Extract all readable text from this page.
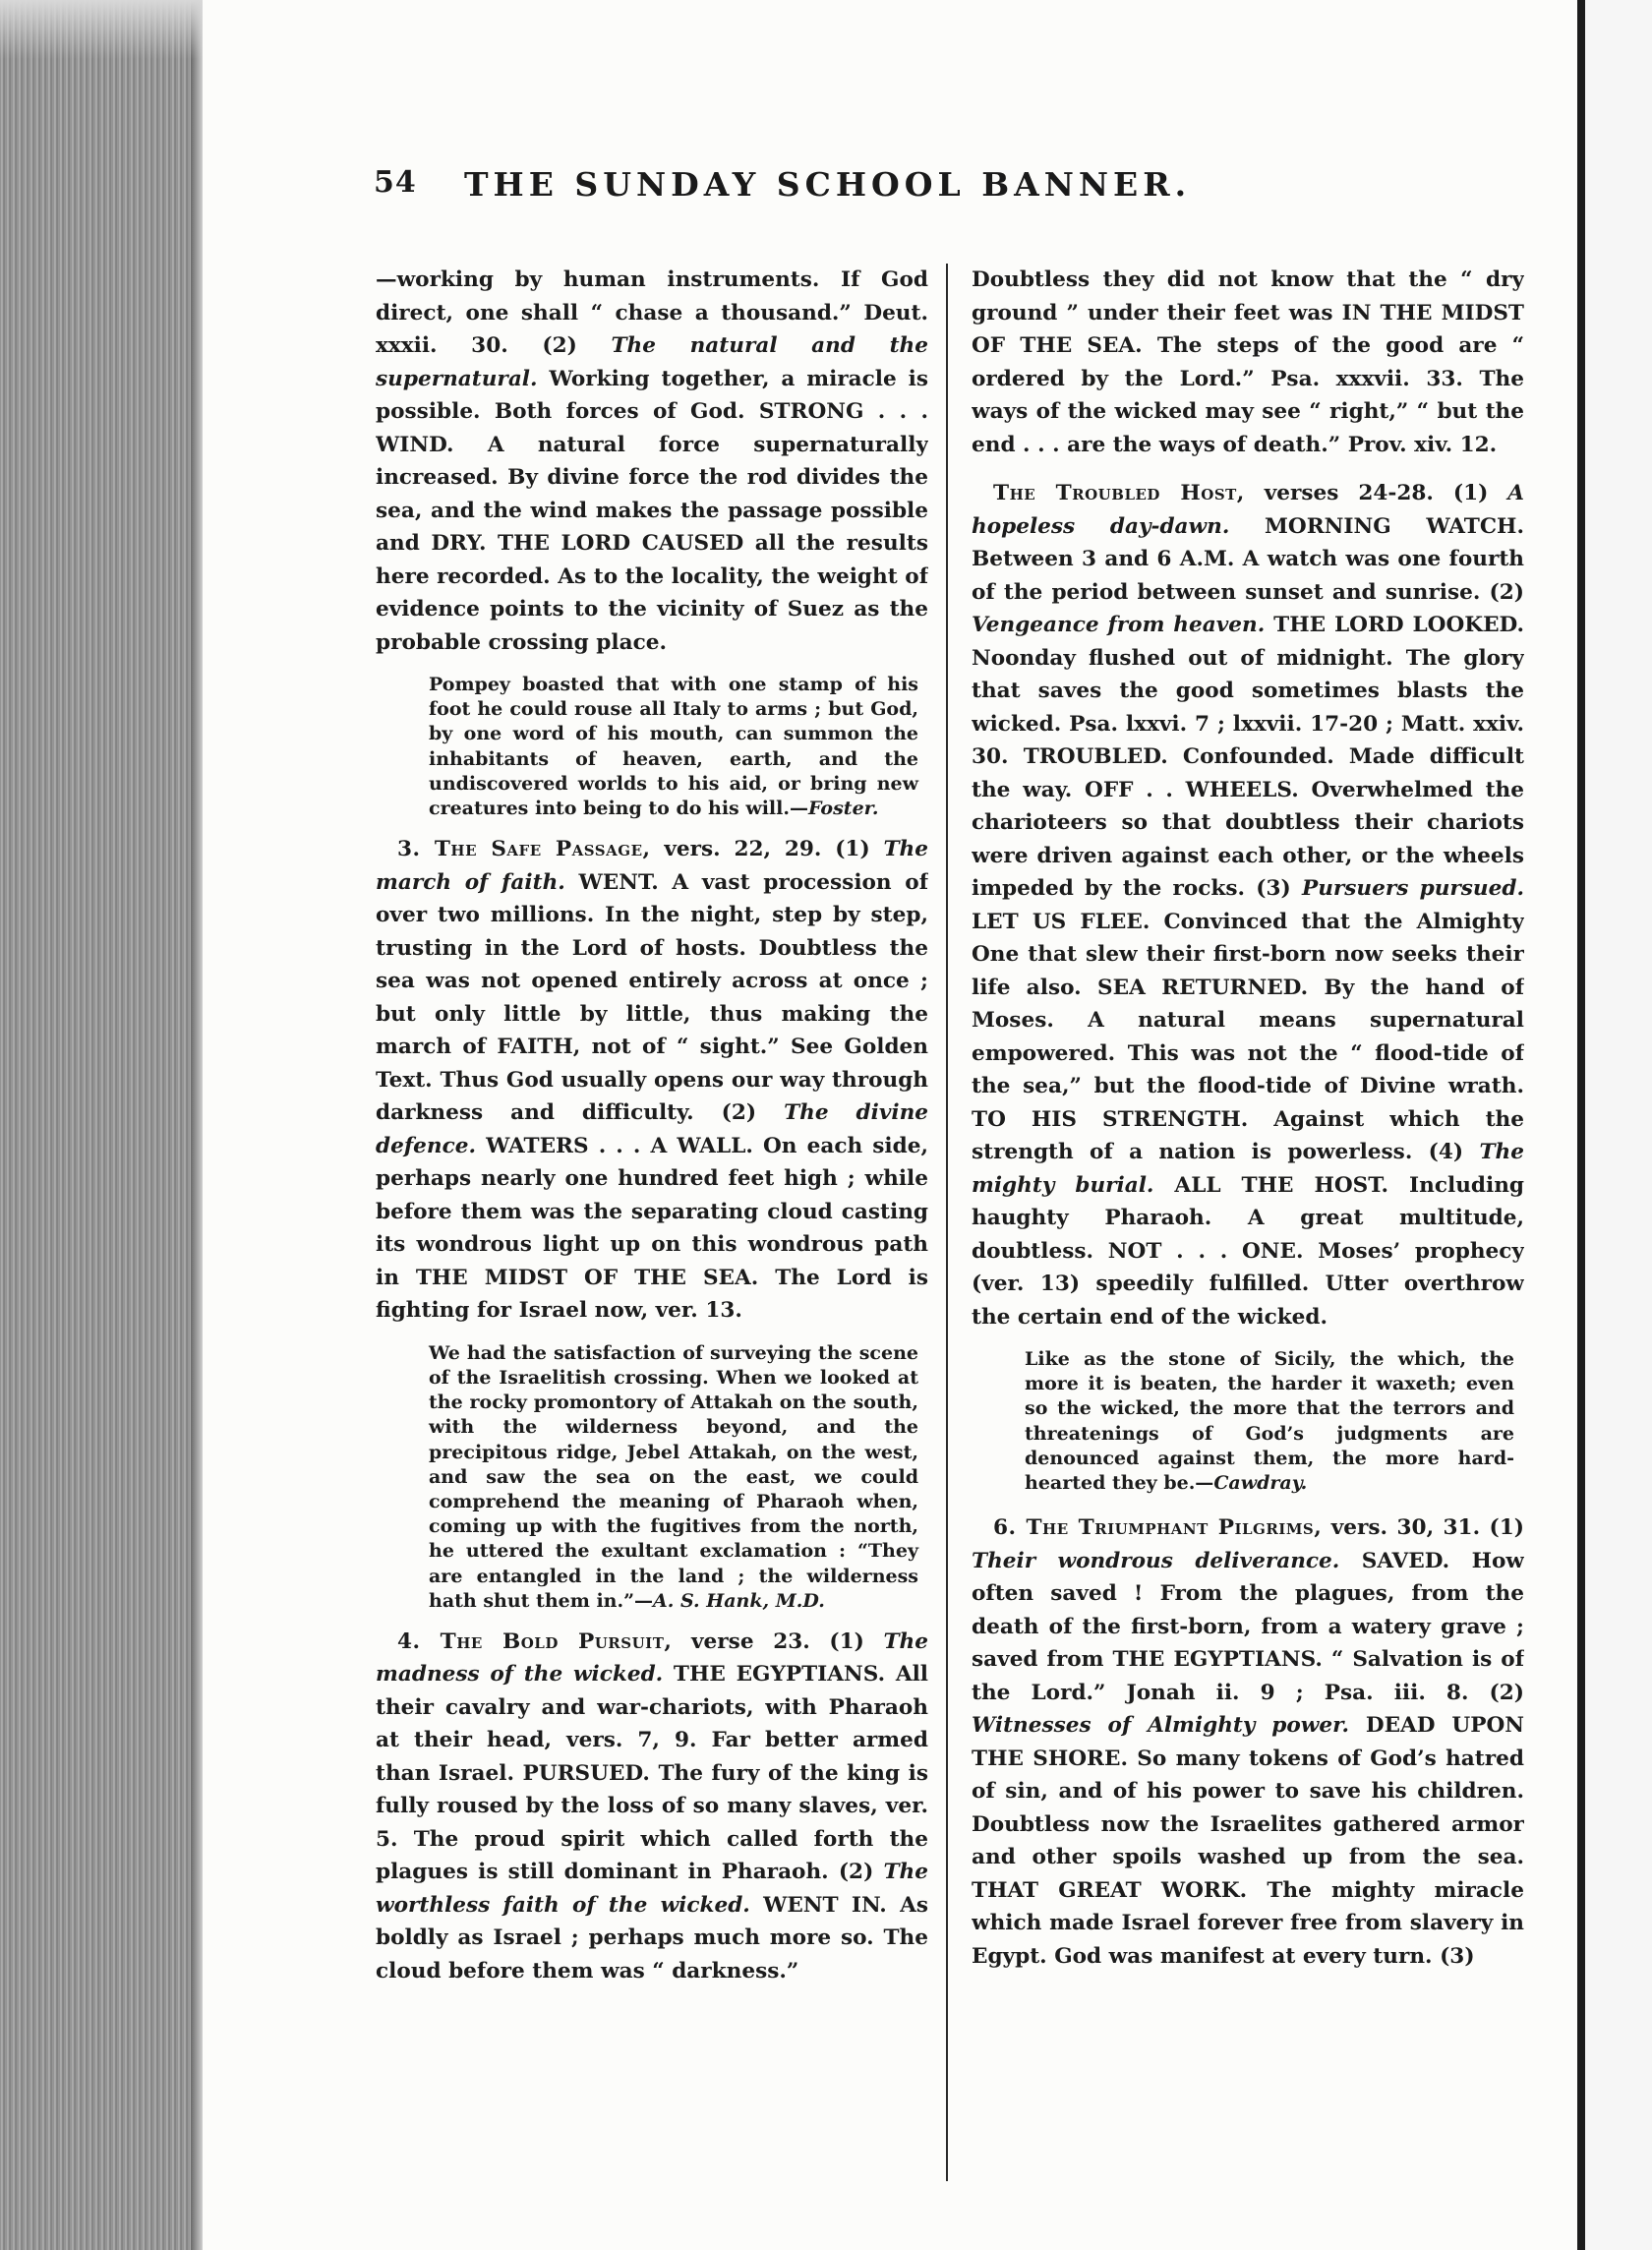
54 THE SUNDAY SCHOOL BANNER.

—working by human instruments. If God direct, one shall “ chase a thousand.” Deut. xxxii. 30. (2) The natural and the supernatural. Working together, a miracle is possible. Both forces of God. STRONG . . . WIND. A natural force supernaturally increased. By divine force the rod divides the sea, and the wind makes the passage possible and DRY. THE LORD CAUSED all the results here recorded. As to the locality, the weight of evidence points to the vicinity of Suez as the probable crossing place.

Pompey boasted that with one stamp of his foot he could rouse all Italy to arms ; but God, by one word of his mouth, can summon the inhabitants of heaven, earth, and the undiscovered worlds to his aid, or bring new creatures into being to do his will.—Foster.

3. The Safe Passage, vers. 22, 29. (1) The march of faith. WENT. A vast procession of over two millions. In the night, step by step, trusting in the Lord of hosts. Doubtless the sea was not opened entirely across at once ; but only little by little, thus making the march of FAITH, not of “ sight.” See Golden Text. Thus God usually opens our way through darkness and difficulty. (2) The divine defence. WATERS . . . A WALL. On each side, perhaps nearly one hundred feet high ; while before them was the separating cloud casting its wondrous light up on this wondrous path in THE MIDST OF THE SEA. The Lord is fighting for Israel now, ver. 13.

We had the satisfaction of surveying the scene of the Israelitish crossing. When we looked at the rocky promontory of Attakah on the south, with the wilderness beyond, and the precipitous ridge, Jebel Attakah, on the west, and saw the sea on the east, we could comprehend the meaning of Pharaoh when, coming up with the fugitives from the north, he uttered the exultant exclamation : “They are entangled in the land ; the wilderness hath shut them in.”—A. S. Hank, M.D.

4. The Bold Pursuit, verse 23. (1) The madness of the wicked. THE EGYPTIANS. All their cavalry and war-chariots, with Pharaoh at their head, vers. 7, 9. Far better armed than Israel. PURSUED. The fury of the king is fully roused by the loss of so many slaves, ver. 5. The proud spirit which called forth the plagues is still dominant in Pharaoh. (2) The worthless faith of the wicked. WENT IN. As boldly as Israel ; perhaps much more so. The cloud before them was “ darkness.”

Doubtless they did not know that the “ dry ground ” under their feet was IN THE MIDST OF THE SEA. The steps of the good are “ ordered by the Lord.” Psa. xxxvii. 33. The ways of the wicked may see “ right,” “ but the end . . . are the ways of death.” Prov. xiv. 12.

The Troubled Host, verses 24-28. (1) A hopeless day-dawn. MORNING WATCH. Between 3 and 6 A.M. A watch was one fourth of the period between sunset and sunrise. (2) Vengeance from heaven. THE LORD LOOKED. Noonday flushed out of midnight. The glory that saves the good sometimes blasts the wicked. Psa. lxxvi. 7 ; lxxvii. 17-20 ; Matt. xxiv. 30. TROUBLED. Confounded. Made difficult the way. OFF . . WHEELS. Overwhelmed the charioteers so that doubtless their chariots were driven against each other, or the wheels impeded by the rocks. (3) Pursuers pursued. LET US FLEE. Convinced that the Almighty One that slew their first-born now seeks their life also. SEA RETURNED. By the hand of Moses. A natural means supernatural empowered. This was not the “ flood-tide of the sea,” but the flood-tide of Divine wrath. TO HIS STRENGTH. Against which the strength of a nation is powerless. (4) The mighty burial. ALL THE HOST. Including haughty Pharaoh. A great multitude, doubtless. NOT . . . ONE. Moses’ prophecy (ver. 13) speedily fulfilled. Utter overthrow the certain end of the wicked.

Like as the stone of Sicily, the which, the more it is beaten, the harder it waxeth; even so the wicked, the more that the terrors and threatenings of God’s judgments are denounced against them, the more hard-hearted they be.—Cawdray.

6. The Triumphant Pilgrims, vers. 30, 31. (1) Their wondrous deliverance. SAVED. How often saved ! From the plagues, from the death of the first-born, from a watery grave ; saved from THE EGYPTIANS. “ Salvation is of the Lord.” Jonah ii. 9 ; Psa. iii. 8. (2) Witnesses of Almighty power. DEAD UPON THE SHORE. So many tokens of God’s hatred of sin, and of his power to save his children. Doubtless now the Israelites gathered armor and other spoils washed up from the sea. THAT GREAT WORK. The mighty miracle which made Israel forever free from slavery in Egypt. God was manifest at every turn. (3)
